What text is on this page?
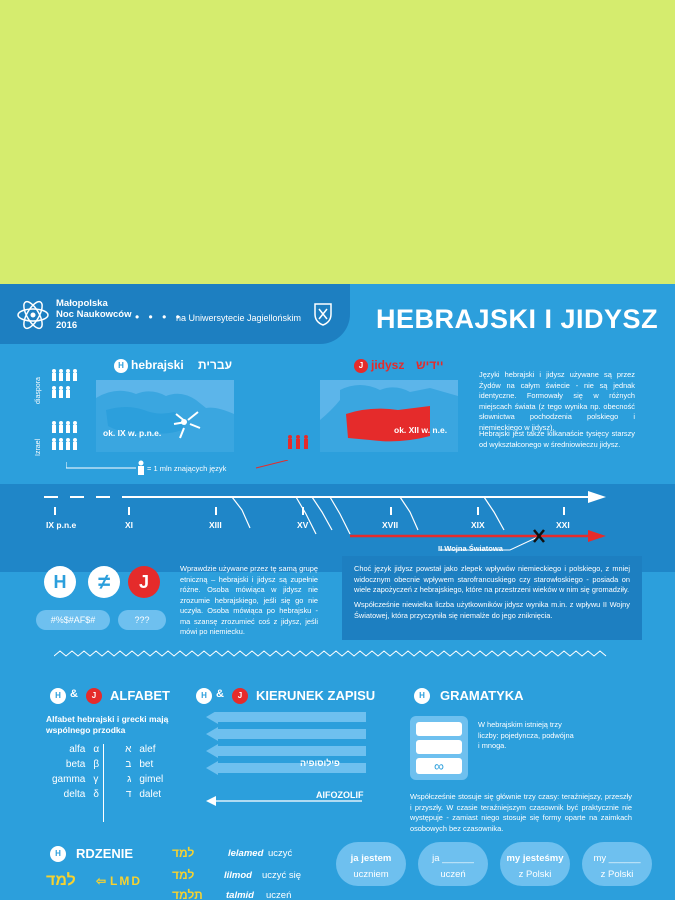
Małopolska
Noc Naukowców
2016
• • • •
na Uniwersytecie Jagiellońskim	HEBRAJSKI I JIDYSZ
H hebrajski עברית
diaspora
Izrael
ok. IX w. p.n.e.
= 1 mln znających język
J jidysz יידיש
ok. XII w. n.e.
Języki hebrajski i jidysz używane są przez Żydów na całym świecie - nie są jednak identyczne. Formowały się w różnych miejscach świata (z tego wynika np. obecność słownictwa pochodzenia polskiego i niemieckiego w jidysz).
Hebrajski jest także kilkanaście tysięcy starszy od wykształconego w średniowieczu jidysz.
IX p.n.e	XI	XIII	XV	XVII	XIX	XXI
II Wojna Światowa
H	≠	J
#%$#AF$#	???
Wprawdzie używane przez tę samą grupę etniczną – hebrajski i jidysz są zupełnie różne. Osoba mówiąca w jidysz nie zrozumie hebrajskiego, jeśli się go nie uczyła. Osoba mówiąca po hebrajsku - ma szansę zrozumieć coś z jidysz, jeśli mówi po niemiecku.
Choć język jidysz powstał jako zlepek wpływów niemieckiego i polskiego, z mniej widocznym obecnie wpływem starofrancuskiego czy starowłoskiego - posiada on wiele zapożyczeń z hebrajskiego, które na przestrzeni wieków w nim się gromadziły.
Współcześnie niewielka liczba użytkowników jidysz wynika m.in. z wpływu II Wojny Światowej, która przyczyniła się niemalże do jego zniknięcia.
H &	J	ALFABET
Alfabet hebrajski i grecki mają wspólnego przodka
alfa	α	א	alef
beta	β	ב	bet
gamma	γ	ג	gimel
delta	δ	ד	dalet
H &	J	KIERUNEK ZAPISU
פילוסופיה
AIFOZOLIF
H	GRAMATYKA
∞
W hebrajskim istnieją trzy liczby: pojedyncza, podwójna i mnoga.
Współcześnie stosuje się głównie trzy czasy: teraźniejszy, przeszły i przyszły. W czasie teraźniejszym czasownik być praktycznie nie występuje - zamiast niego stosuje się formy oparte na zaimkach osobowych bez czasownika.
H	RDZENIE
למד ⇦ LMD
למד	lelamed uczyć
למד	lilmod uczyć się
תלמד talmid uczeń
ja jestem
uczniem
ja ______
uczeń
my jesteśmy
z Polski
my ______
z Polski
